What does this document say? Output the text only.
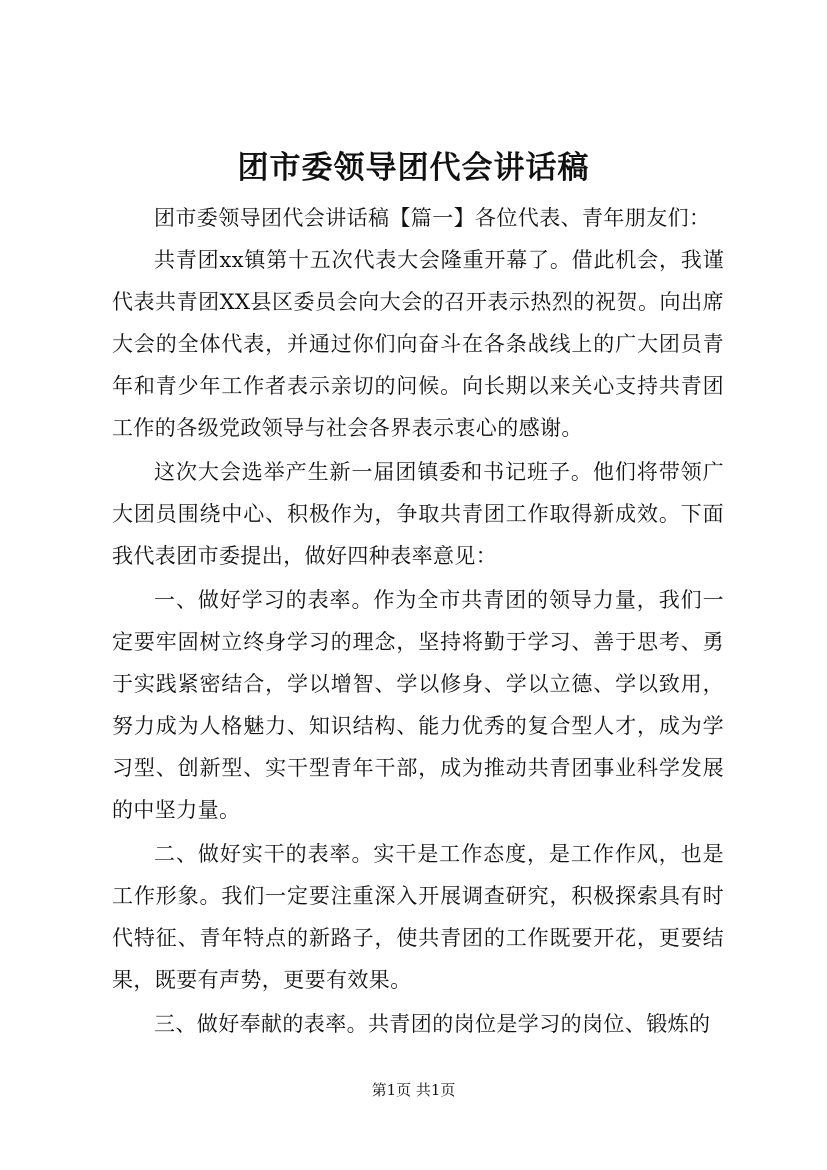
团市委领导团代会讲话稿

团市委领导团代会讲话稿【篇一】各位代表、青年朋友们：

共青团xx镇第十五次代表大会隆重开幕了。借此机会，我谨代表共青团XX县区委员会向大会的召开表示热烈的祝贺。向出席大会的全体代表，并通过你们向奋斗在各条战线上的广大团员青年和青少年工作者表示亲切的问候。向长期以来关心支持共青团工作的各级党政领导与社会各界表示衷心的感谢。

这次大会选举产生新一届团镇委和书记班子。他们将带领广大团员围绕中心、积极作为，争取共青团工作取得新成效。下面我代表团市委提出，做好四种表率意见：

一、做好学习的表率。作为全市共青团的领导力量，我们一定要牢固树立终身学习的理念，坚持将勤于学习、善于思考、勇于实践紧密结合，学以增智、学以修身、学以立德、学以致用，努力成为人格魅力、知识结构、能力优秀的复合型人才，成为学习型、创新型、实干型青年干部，成为推动共青团事业科学发展的中坚力量。

二、做好实干的表率。实干是工作态度，是工作作风，也是工作形象。我们一定要注重深入开展调查研究，积极探索具有时代特征、青年特点的新路子，使共青团的工作既要开花，更要结果，既要有声势，更要有效果。

三、做好奉献的表率。共青团的岗位是学习的岗位、锻炼的

第1页 共1页
